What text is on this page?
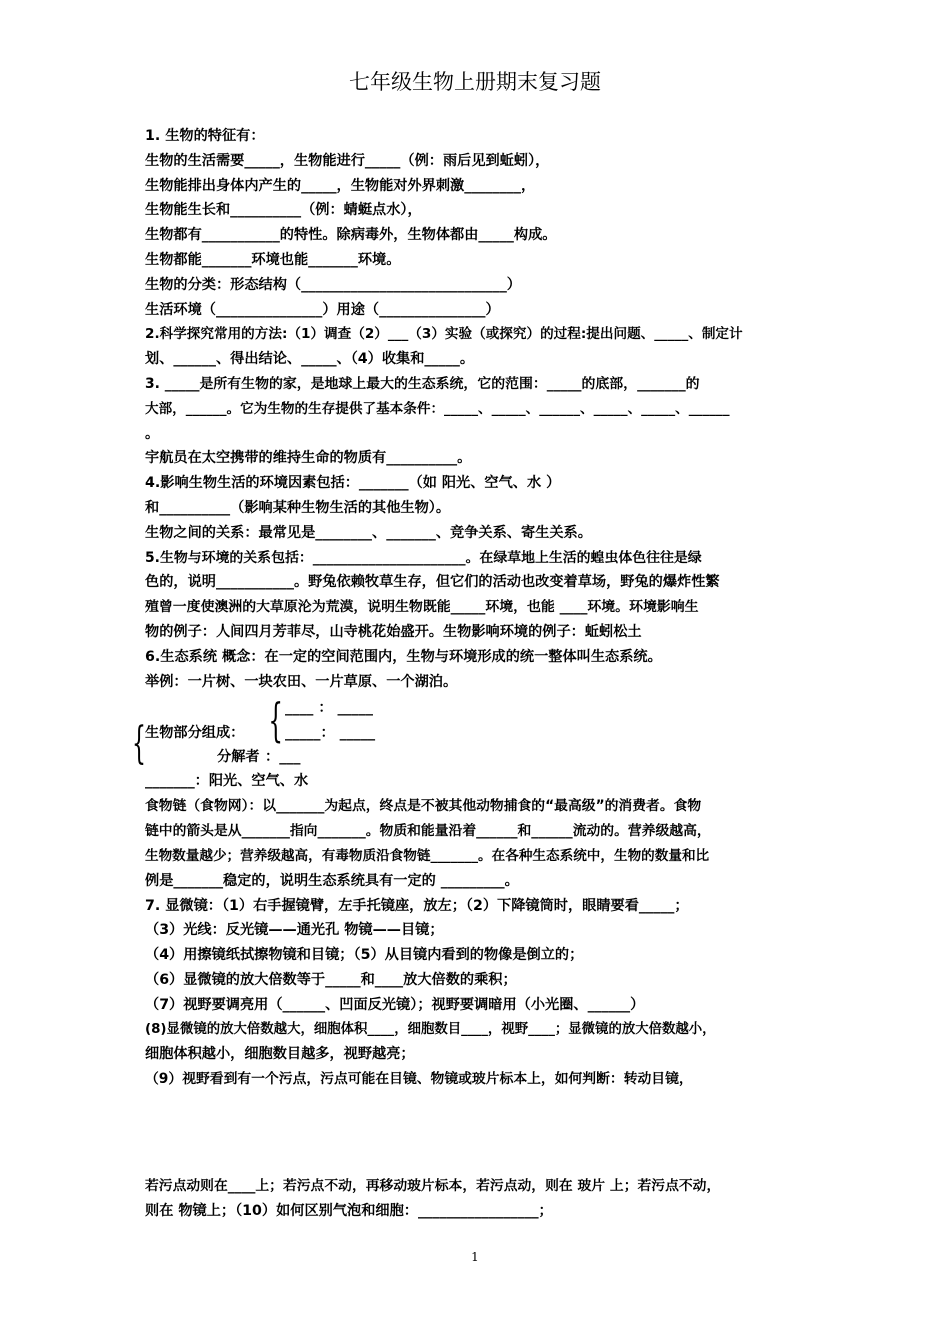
七年级生物上册期末复习题
1. 生物的特征有：
生物的生活需要_____，生物能进行_____（例：雨后见到蚯蚓），
生物能排出身体内产生的_____，生物能对外界刺激________，
生物能生长和__________（例：蜻蜓点水），
生物都有___________的特性。除病毒外，生物体都由_____构成。
生物都能_______环境也能_______环境。
生物的分类：形态结构（_____________________________）
生活环境（_______________）用途（_______________）
2.科学探究常用的方法:（1）调查（2）___（3）实验（或探究）的过程:提出问题、_____、制定计
划、______、得出结论、_____、（4）收集和_____。
3. _____是所有生物的家，是地球上最大的生态系统，它的范围：_____的底部，_______的
大部，______。它为生物的生存提供了基本条件：_____、_____、______、_____、_____、______
。
宇航员在太空携带的维持生命的物质有__________。
4.影响生物生活的环境因素包括：_______（如 阳光、空气、水 ）
和__________（影响某种生物生活的其他生物）。
生物之间的关系：最常见是________、_______、竞争关系、寄生关系。
5.生物与环境的关系包括：______________________。在绿草地上生活的蝗虫体色往往是绿
色的，说明___________。野兔依赖牧草生存，但它们的活动也改变着草场，野兔的爆炸性繁
殖曾一度使澳洲的大草原沦为荒漠，说明生物既能_____环境，也能 ____环境。环境影响生
物的例子：人间四月芳菲尽，山寺桃花始盛开。生物影响环境的例子：蚯蚓松土
6.生态系统 概念：在一定的空间范围内，生物与环境形成的统一整体叫生态系统。
举例：一片树、一块农田、一片草原、一个湖泊。
____ ： _____
生物部分组成：	_____： _____
分解者 ：___
_______：阳光、空气、水
{
{
食物链（食物网）：以_______为起点，终点是不被其他动物捕食的“最高级”的消费者。食物
链中的箭头是从_______指向_______。物质和能量沿着______和______流动的。营养级越高，
生物数量越少；营养级越高，有毒物质沿食物链_______。在各种生态系统中，生物的数量和比
例是_______稳定的，说明生态系统具有一定的 _________。
7. 显微镜：（1）右手握镜臂，左手托镜座，放左；（2）下降镜筒时，眼睛要看_____；
（3）光线：反光镜——通光孔 物镜——目镜；
（4）用擦镜纸拭擦物镜和目镜；（5）从目镜内看到的物像是倒立的；
（6）显微镜的放大倍数等于_____和____放大倍数的乘积；
（7）视野要调亮用（______、凹面反光镜）；视野要调暗用（小光圈、______）
(8)显微镜的放大倍数越大，细胞体积____，细胞数目____，视野____；显微镜的放大倍数越小，
细胞体积越小，细胞数目越多，视野越亮；
（9）视野看到有一个污点，污点可能在目镜、物镜或玻片标本上，如何判断：转动目镜，
若污点动则在____上；若污点不动，再移动玻片标本，若污点动，则在 玻片 上；若污点不动，
则在 物镜上；（10）如何区别气泡和细胞：_________________；
1
